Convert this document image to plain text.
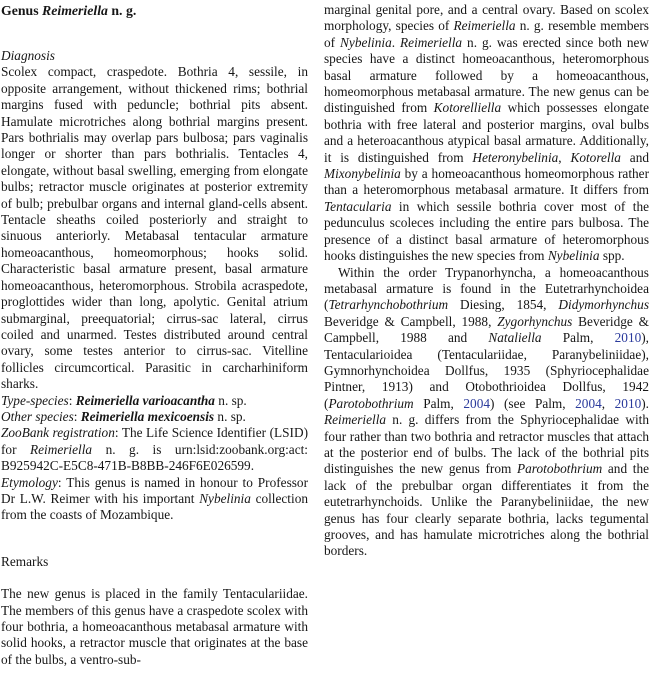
Genus Reimeriella n. g.
Diagnosis

Scolex compact, craspedote. Bothria 4, sessile, in opposite arrangement, without thickened rims; bothrial margins fused with peduncle; bothrial pits absent. Hamulate microtriches along bothrial margins present. Pars bothrialis may overlap pars bulbosa; pars vaginalis longer or shorter than pars bothrialis. Tentacles 4, elongate, without basal swelling, emerging from elongate bulbs; retractor muscle originates at posterior extremity of bulb; prebulbar organs and internal gland-cells absent. Tentacle sheaths coiled posteriorly and straight to sinuous anteriorly. Metabasal tentacular armature homeoacanthous, homeomorphous; hooks solid. Characteristic basal armature present, basal armature homeoacanthous, heteromorphous. Strobila acraspedote, proglottides wider than long, apolytic. Genital atrium submarginal, preequatorial; cirrus-sac lateral, cirrus coiled and unarmed. Testes distributed around central ovary, some testes anterior to cirrus-sac. Vitelline follicles circumcortical. Parasitic in carcharhiniform sharks.

Type-species: Reimeriella varioacantha n. sp.

Other species: Reimeriella mexicoensis n. sp.

ZooBank registration: The Life Science Identifier (LSID) for Reimeriella n. g. is urn:lsid:zoobank.org:act: B925942C-E5C8-471B-B8BB-246F6E026599.

Etymology: This genus is named in honour to Professor Dr L.W. Reimer with his important Nybelinia collection from the coasts of Mozambique.

Remarks

The new genus is placed in the family Tentaculariidae. The members of this genus have a craspedote scolex with four bothria, a homeoacanthous metabasal armature with solid hooks, a retractor muscle that originates at the base of the bulbs, a ventro-sub-

marginal genital pore, and a central ovary. Based on scolex morphology, species of Reimeriella n. g. resemble members of Nybelinia. Reimeriella n. g. was erected since both new species have a distinct homeoacanthous, heteromorphous basal armature followed by a homeoacanthous, homeomorphous metabasal armature. The new genus can be distinguished from Kotorelliella which possesses elongate bothria with free lateral and posterior margins, oval bulbs and a heteroacanthous atypical basal armature. Additionally, it is distinguished from Heteronybelinia, Kotorella and Mixonybelinia by a homeoacanthous homeomorphous rather than a heteromorphous metabasal armature. It differs from Tentacularia in which sessile bothria cover most of the pedunculus scoleces including the entire pars bulbosa. The presence of a distinct basal armature of heteromorphous hooks distinguishes the new species from Nybelinia spp.

Within the order Trypanorhyncha, a homeoacanthous metabasal armature is found in the Eutetrarhynchoidea (Tetrarhynchobothrium Diesing, 1854, Didymorhynchus Beveridge & Campbell, 1988, Zygorhynchus Beveridge & Campbell, 1988 and Nataliella Palm, 2010), Tentacularioidea (Tentaculariidae, Paranybeliniidae), Gymnorhynchoidea Dollfus, 1935 (Sphyriocephalidae Pintner, 1913) and Otobothrioidea Dollfus, 1942 (Parotobothrium Palm, 2004) (see Palm, 2004, 2010). Reimeriella n. g. differs from the Sphyriocephalidae with four rather than two bothria and retractor muscles that attach at the posterior end of bulbs. The lack of the bothrial pits distinguishes the new genus from Parotobothrium and the lack of the prebulbar organ differentiates it from the eutetrarhynchoids. Unlike the Paranybeliniidae, the new genus has four clearly separate bothria, lacks tegumental grooves, and has hamulate microtriches along the bothrial borders.
